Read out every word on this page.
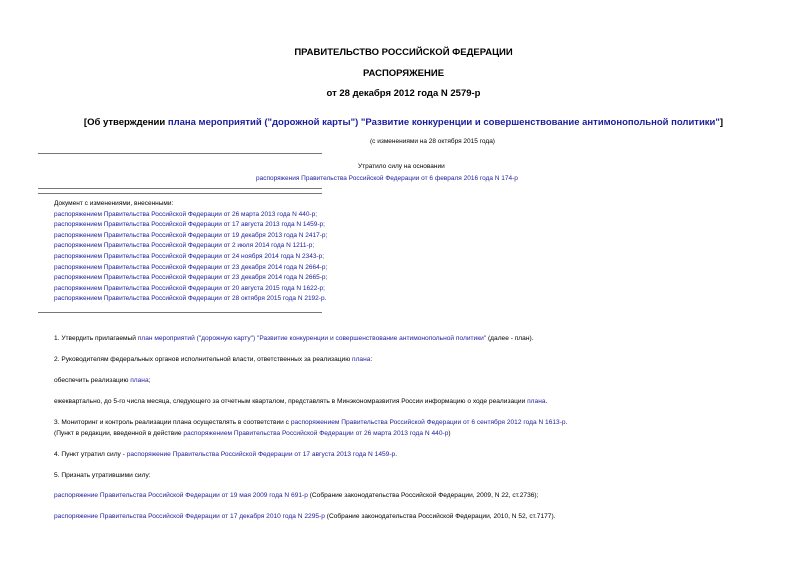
ПРАВИТЕЛЬСТВО РОССИЙСКОЙ ФЕДЕРАЦИИ
РАСПОРЯЖЕНИЕ
от 28 декабря 2012 года N 2579-р
[Об утверждении плана мероприятий ("дорожной карты") "Развитие конкуренции и совершенствование антимонопольной политики"]
(с изменениями на 28 октября 2015 года)
Утратило силу на основании
распоряжения Правительства Российской Федерации от 6 февраля 2016 года N 174-р
Документ с изменениями, внесенными:
распоряжением Правительства Российской Федерации от 26 марта 2013 года N 440-р;
распоряжением Правительства Российской Федерации от 17 августа 2013 года N 1459-р;
распоряжением Правительства Российской Федерации от 19 декабря 2013 года N 2417-р;
распоряжением Правительства Российской Федерации от 2 июля 2014 года N 1211-р;
распоряжением Правительства Российской Федерации от 24 ноября 2014 года N 2343-р;
распоряжением Правительства Российской Федерации от 23 декабря 2014 года N 2664-р;
распоряжением Правительства Российской Федерации от 23 декабря 2014 года N 2665-р;
распоряжением Правительства Российской Федерации от 20 августа 2015 года N 1622-р;
распоряжением Правительства Российской Федерации от 28 октября 2015 года N 2192-р.
1. Утвердить прилагаемый план мероприятий ("дорожную карту") "Развитие конкуренции и совершенствование антимонопольной политики" (далее - план).
2. Руководителям федеральных органов исполнительной власти, ответственных за реализацию плана:
обеспечить реализацию плана;
ежеквартально, до 5-го числа месяца, следующего за отчетным кварталом, представлять в Минэкономразвития России информацию о ходе реализации плана.
3. Мониторинг и контроль реализации плана осуществлять в соответствии с распоряжением Правительства Российской Федерации от 6 сентября 2012 года N 1613-р.
(Пункт в редакции, введенной в действие распоряжением Правительства Российской Федерации от 26 марта 2013 года N 440-р)
4. Пункт утратил силу - распоряжение Правительства Российской Федерации от 17 августа 2013 года N 1459-р.
5. Признать утратившими силу:
распоряжение Правительства Российской Федерации от 19 мая 2009 года N 691-р (Собрание законодательства Российской Федерации, 2009, N 22, ст.2736);
распоряжение Правительства Российской Федерации от 17 декабря 2010 года N 2295-р (Собрание законодательства Российской Федерации, 2010, N 52, ст.7177).
